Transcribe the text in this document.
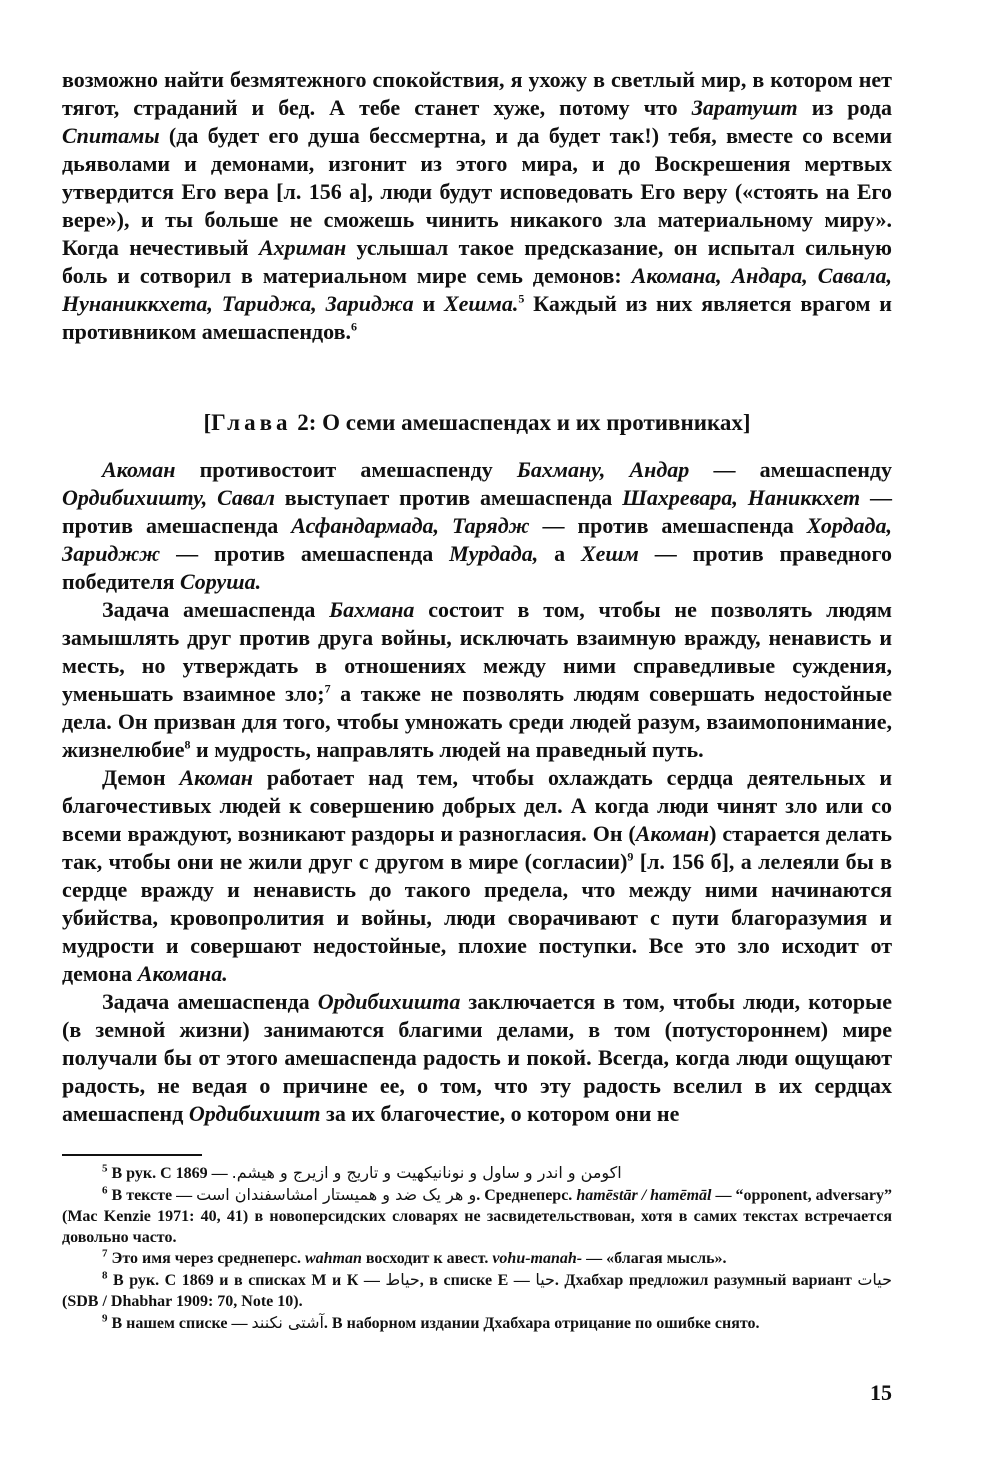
возможно найти безмятежного спокойствия, я ухожу в светлый мир, в котором нет тягот, страданий и бед. А тебе станет хуже, потому что Заратушт из рода Спитамы (да будет его душа бессмертна, и да будет так!) тебя, вместе со всеми дьяволами и демонами, изгонит из этого мира, и до Воскрешения мертвых утвердится Его вера [л. 156 а], люди будут исповедовать Его веру («стоять на Его вере»), и ты больше не сможешь чинить никакого зла материальному миру». Когда нечестивый Ахриман услышал такое предсказание, он испытал сильную боль и сотворил в материальном мире семь демонов: Акомана, Андара, Савала, Нунаниккхета, Тариджа, Зариджа и Хешма.$^5$ Каждый из них является врагом и противником амешаспендов.$^6$

[Глава 2: О семи амешаспендах и их противниках]

Акоман противостоит амешаспенду Бахману, Андар — амешаспенду Ордибихишту, Савал выступает против амешаспенда Шахревара, Наниккхет — против амешаспенда Асфандармада, Тарядж — против амешаспенда Хордада, Зариджж — против амешаспенда Мурдада, а Хешм — против праведного победителя Соруша.

Задача амешаспенда Бахмана состоит в том, чтобы не позволять людям замышлять друг против друга войны, исключать взаимную вражду, ненависть и месть, но утверждать в отношениях между ними справедливые суждения, уменьшать взаимное зло;$^7$ а также не позволять людям совершать недостойные дела. Он призван для того, чтобы умножать среди людей разум, взаимопонимание, жизнелюбие$^8$ и мудрость, направлять людей на праведный путь.

Демон Акоман работает над тем, чтобы охлаждать сердца деятельных и благочестивых людей к совершению добрых дел. А когда люди чинят зло или со всеми враждуют, возникают раздоры и разногласия. Он (Акоман) старается делать так, чтобы они не жили друг с другом в мире (согласии)$^9$ [л. 156 б], а лелеяли бы в сердце вражду и ненависть до такого предела, что между ними начинаются убийства, кровопролития и войны, люди сворачивают с пути благоразумия и мудрости и совершают недостойные, плохие поступки. Все это зло исходит от демона Акомана.

Задача амешаспенда Ордибихишта заключается в том, чтобы люди, которые (в земной жизни) занимаются благими делами, в том (потустороннем) мире получали бы от этого амешаспенда радость и покой. Всегда, когда люди ощущают радость, не ведая о причине ее, о том, что эту радость вселил в их сердцах амешаспенд Ордибихишт за их благочестие, о котором они не

$^5$ В рук. С 1869 — اکومن و اندر و ساول و نونانیکهیت و تاریج و ازیرج و هیشم.

$^6$ В тексте — و هر یک ضد و همیستار امشاسفندان است. Среднеперс. hamēstār / hamēmāl — “opponent, adversary” (Mac Kenzie 1971: 40, 41) в новоперсидских словарях не засвидетельствован, хотя в самих текстах встречается довольно часто.

$^7$ Это имя через среднеперс. wahman восходит к авест. vohu-manah- — «благая мысль».

$^8$ В рук. С 1869 и в списках М и К — حیاط, в списке Е — حیا. Дхабхар предложил разумный вариант حیات (SDB / Dhabhar 1909: 70, Note 10).

$^9$ В нашем списке — آشتی نکنند. В наборном издании Дхабхара отрицание по ошибке снято.

15
